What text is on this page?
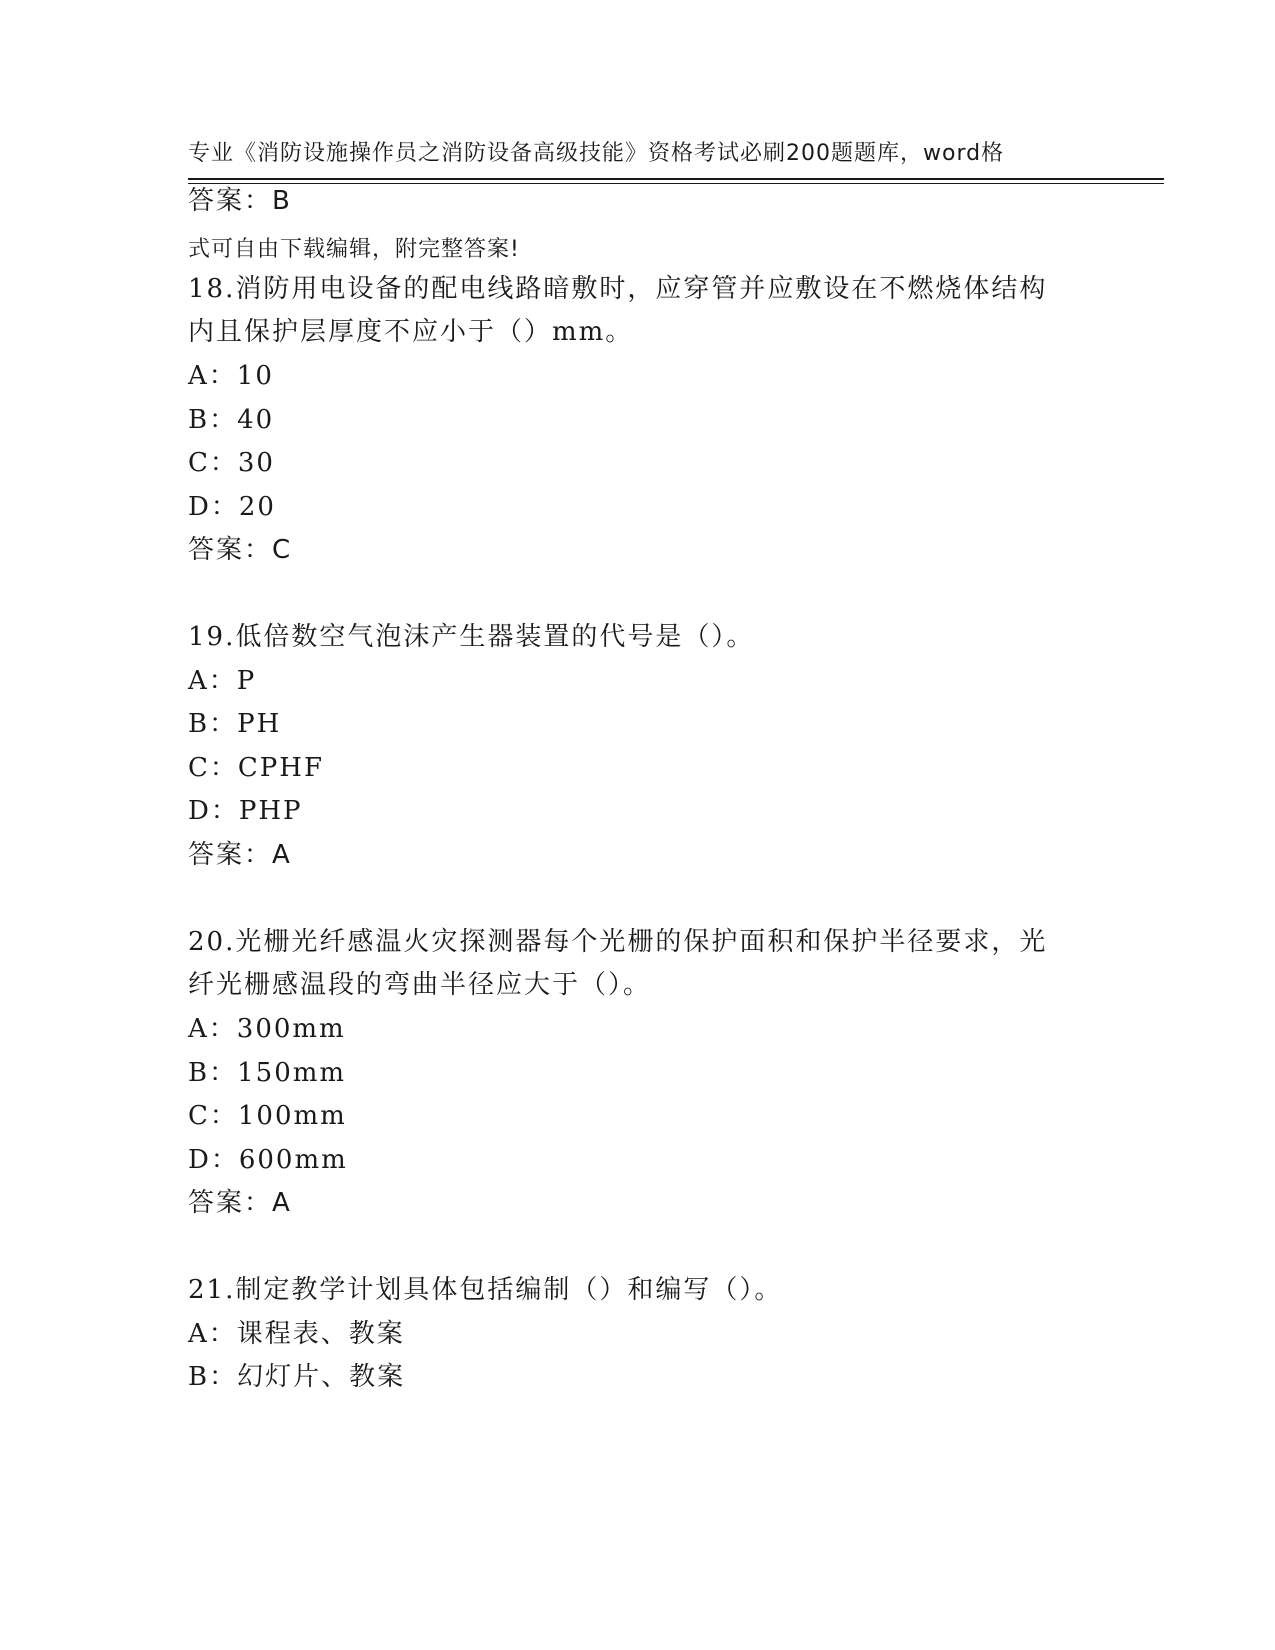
专业《消防设施操作员之消防设备高级技能》资格考试必刷200题题库，word格

式可自由下载编辑，附完整答案!

答案：B
18.消防用电设备的配电线路暗敷时，应穿管并应敷设在不燃烧体结构
内且保护层厚度不应小于（）mm。
A：10
B：40
C：30
D：20
答案：C
19.低倍数空气泡沫产生器装置的代号是（）。
A：P
B：PH
C：CPHF
D：PHP
答案：A
20.光栅光纤感温火灾探测器每个光栅的保护面积和保护半径要求，光
纤光栅感温段的弯曲半径应大于（）。
A：300mm
B：150mm
C：100mm
D：600mm
答案：A
21.制定教学计划具体包括编制（）和编写（）。
A：课程表、教案
B：幻灯片、教案
